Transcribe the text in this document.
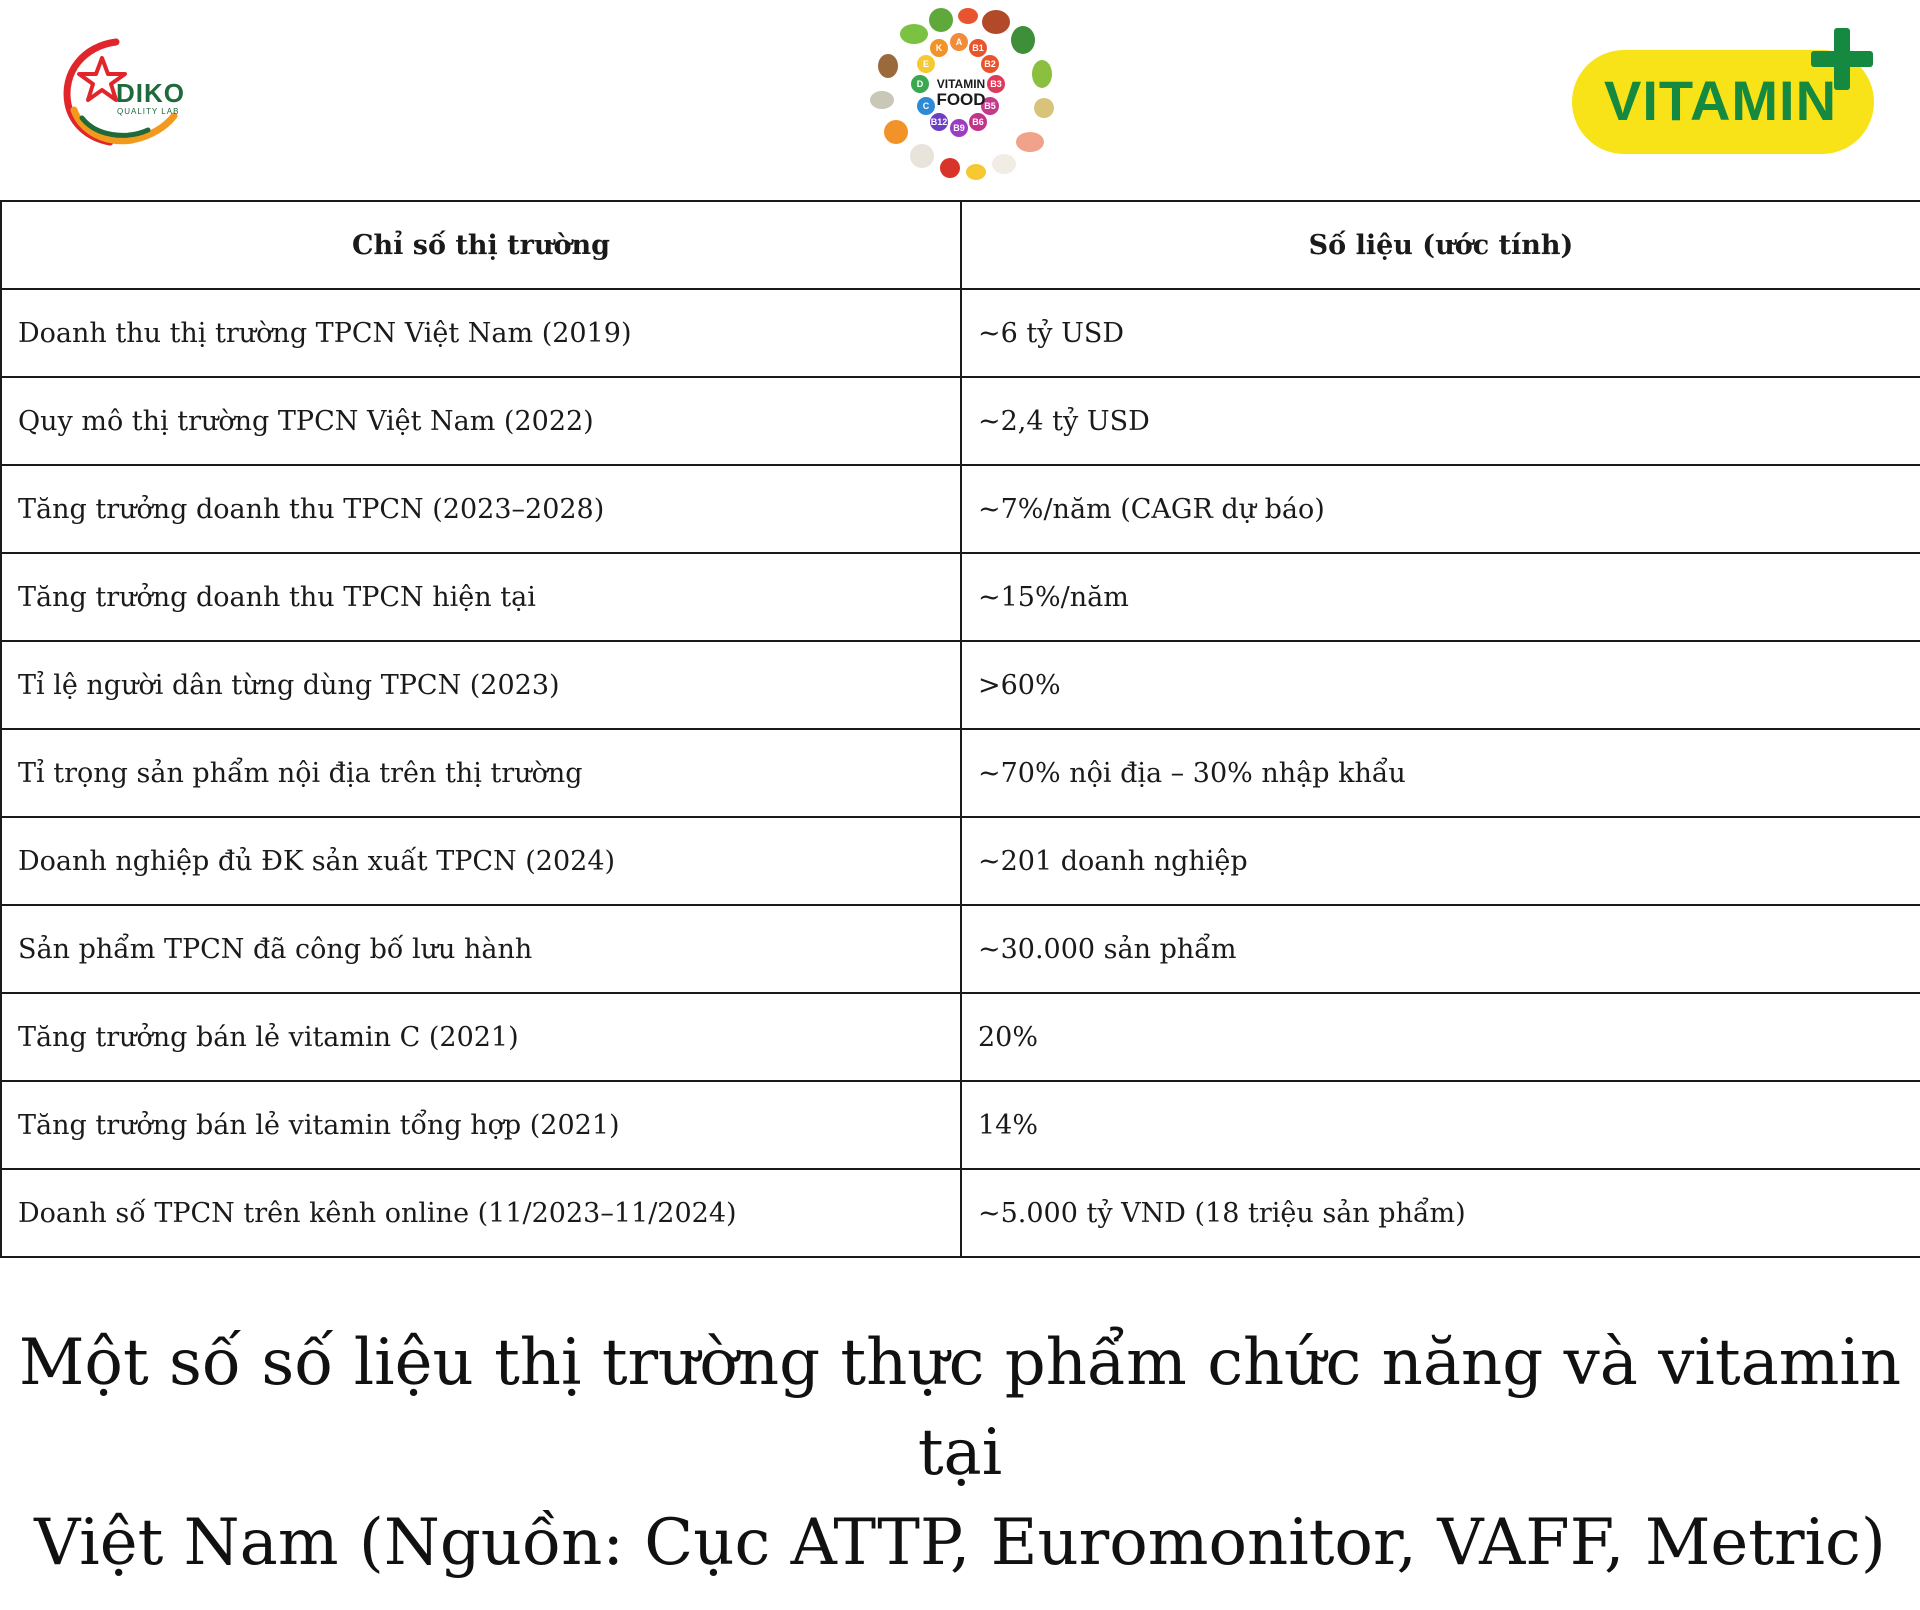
DIKO
QUALITY LAB
K
A
B1
E	B2
D	B3
C	B5
B12
B9
B6
VITAMIN
FOOD	VITAMIN
Chỉ số thị trường	Số liệu (ước tính)
Doanh thu thị trường TPCN Việt Nam (2019)	~6 tỷ USD
Quy mô thị trường TPCN Việt Nam (2022)	~2,4 tỷ USD
Tăng trưởng doanh thu TPCN (2023–2028)	~7%/năm (CAGR dự báo)
Tăng trưởng doanh thu TPCN hiện tại	~15%/năm
Tỉ lệ người dân từng dùng TPCN (2023)	>60%
Tỉ trọng sản phẩm nội địa trên thị trường	~70% nội địa – 30% nhập khẩu
Doanh nghiệp đủ ĐK sản xuất TPCN (2024)	~201 doanh nghiệp
Sản phẩm TPCN đã công bố lưu hành	~30.000 sản phẩm
Tăng trưởng bán lẻ vitamin C (2021)	20%
Tăng trưởng bán lẻ vitamin tổng hợp (2021)	14%
Doanh số TPCN trên kênh online (11/2023–11/2024)	~5.000 tỷ VND (18 triệu sản phẩm)
Một số số liệu thị trường thực phẩm chức năng và vitamin tại
Việt Nam (Nguồn: Cục ATTP, Euromonitor, VAFF, Metric)
